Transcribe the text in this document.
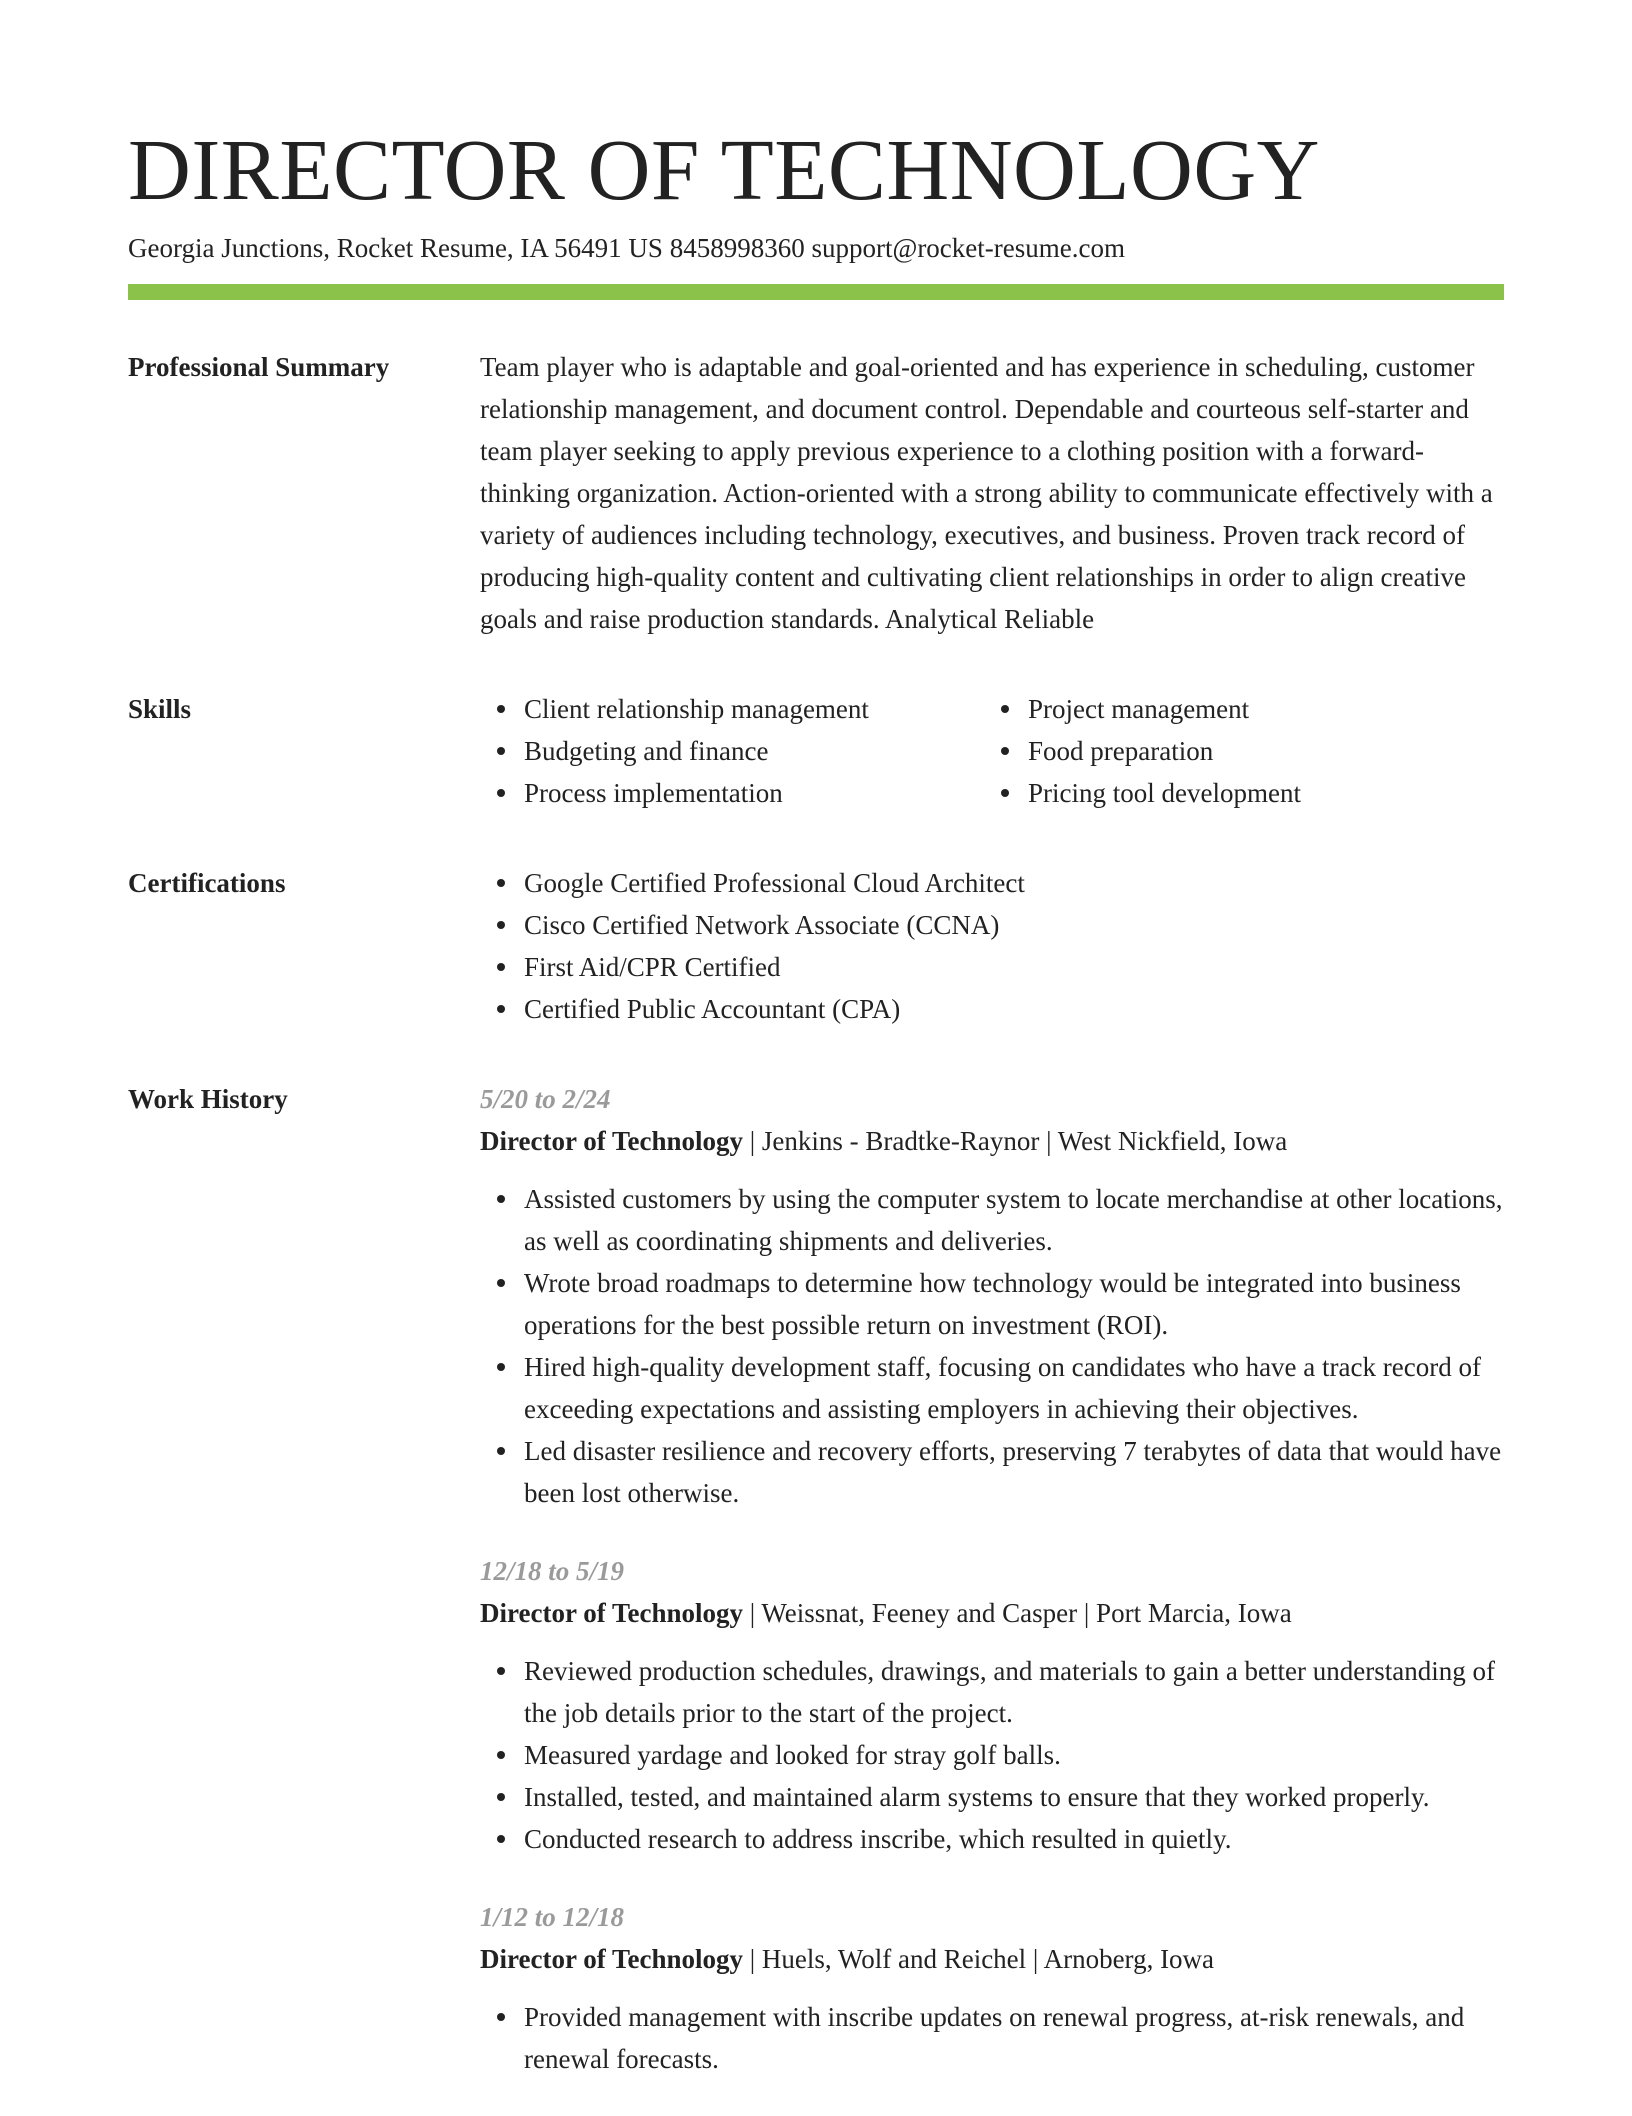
DIRECTOR OF TECHNOLOGY
Georgia Junctions, Rocket Resume, IA 56491 US 8458998360 support@rocket-resume.com
Professional Summary	Team player who is adaptable and goal-oriented and has experience in scheduling, customer relationship management, and document control. Dependable and courteous self-starter and team player seeking to apply previous experience to a clothing position with a forward-thinking organization. Action-oriented with a strong ability to communicate effectively with a variety of audiences including technology, executives, and business. Proven track record of producing high-quality content and cultivating client relationships in order to align creative goals and raise production standards. Analytical Reliable

Skills	Client relationship management
Budgeting and finance
Process implementation
Project management
Food preparation
Pricing tool development
Certifications	Google Certified Professional Cloud Architect
Cisco Certified Network Associate (CCNA)
First Aid/CPR Certified
Certified Public Accountant (CPA)
Work History	5/20 to 2/24
Director of Technology | Jenkins - Bradtke-Raynor | West Nickfield, Iowa
Assisted customers by using the computer system to locate merchandise at other locations, as well as coordinating shipments and deliveries.
Wrote broad roadmaps to determine how technology would be integrated into business operations for the best possible return on investment (ROI).
Hired high-quality development staff, focusing on candidates who have a track record of exceeding expectations and assisting employers in achieving their objectives.
Led disaster resilience and recovery efforts, preserving 7 terabytes of data that would have been lost otherwise.
12/18 to 5/19
Director of Technology | Weissnat, Feeney and Casper | Port Marcia, Iowa
Reviewed production schedules, drawings, and materials to gain a better understanding of the job details prior to the start of the project.
Measured yardage and looked for stray golf balls.
Installed, tested, and maintained alarm systems to ensure that they worked properly.
Conducted research to address inscribe, which resulted in quietly.
1/12 to 12/18
Director of Technology | Huels, Wolf and Reichel | Arnoberg, Iowa
Provided management with inscribe updates on renewal progress, at-risk renewals, and renewal forecasts.
